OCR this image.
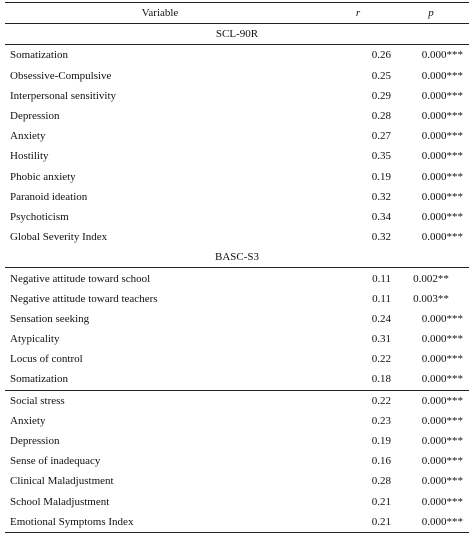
Variable	r	p
SCL-90R		
Somatization	0.26	0.000***
Obsessive-Compulsive	0.25	0.000***
Interpersonal sensitivity	0.29	0.000***
Depression	0.28	0.000***
Anxiety	0.27	0.000***
Hostility	0.35	0.000***
Phobic anxiety	0.19	0.000***
Paranoid ideation	0.32	0.000***
Psychoticism	0.34	0.000***
Global Severity Index	0.32	0.000***
BASC-S3		
Negative attitude toward school	0.11	0.002**
Negative attitude toward teachers	0.11	0.003**
Sensation seeking	0.24	0.000***
Atypicality	0.31	0.000***
Locus of control	0.22	0.000***
Somatization	0.18	0.000***
Social stress	0.22	0.000***
Anxiety	0.23	0.000***
Depression	0.19	0.000***
Sense of inadequacy	0.16	0.000***
Clinical Maladjustment	0.28	0.000***
School Maladjustment	0.21	0.000***
Emotional Symptoms Index	0.21	0.000***
